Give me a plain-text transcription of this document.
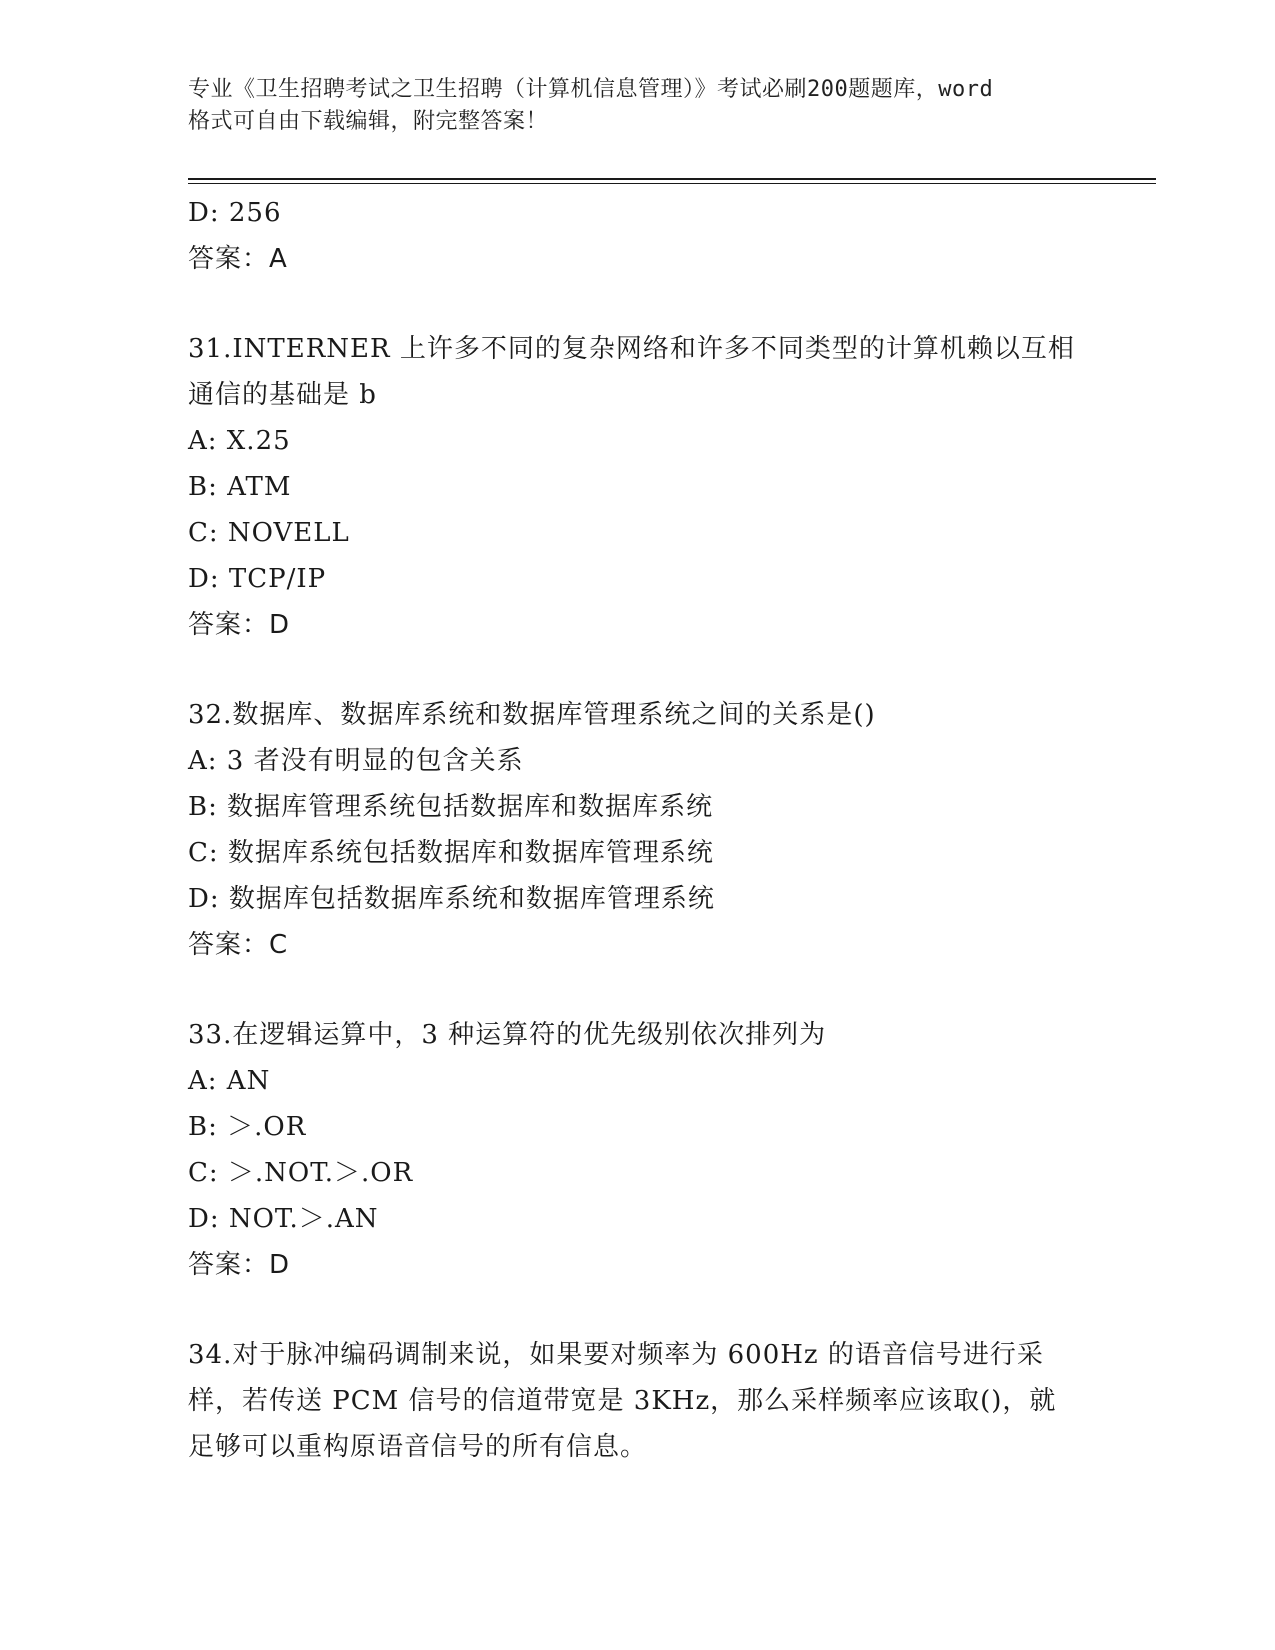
专业《卫生招聘考试之卫生招聘（计算机信息管理）》考试必刷200题题库，word
格式可自由下载编辑，附完整答案！
D: 256
答案：A
31.INTERNER 上许多不同的复杂网络和许多不同类型的计算机赖以互相
通信的基础是 b
A: X.25
B: ATM
C: NOVELL
D: TCP/IP
答案：D
32.数据库、数据库系统和数据库管理系统之间的关系是()
A: 3 者没有明显的包含关系
B: 数据库管理系统包括数据库和数据库系统
C: 数据库系统包括数据库和数据库管理系统
D: 数据库包括数据库系统和数据库管理系统
答案：C
33.在逻辑运算中，3 种运算符的优先级别依次排列为
A: AN
B: ＞.OR
C: ＞.NOT.＞.OR
D: NOT.＞.AN
答案：D
34.对于脉冲编码调制来说，如果要对频率为 600Hz 的语音信号进行采
样，若传送 PCM 信号的信道带宽是 3KHz，那么采样频率应该取()，就
足够可以重构原语音信号的所有信息。
